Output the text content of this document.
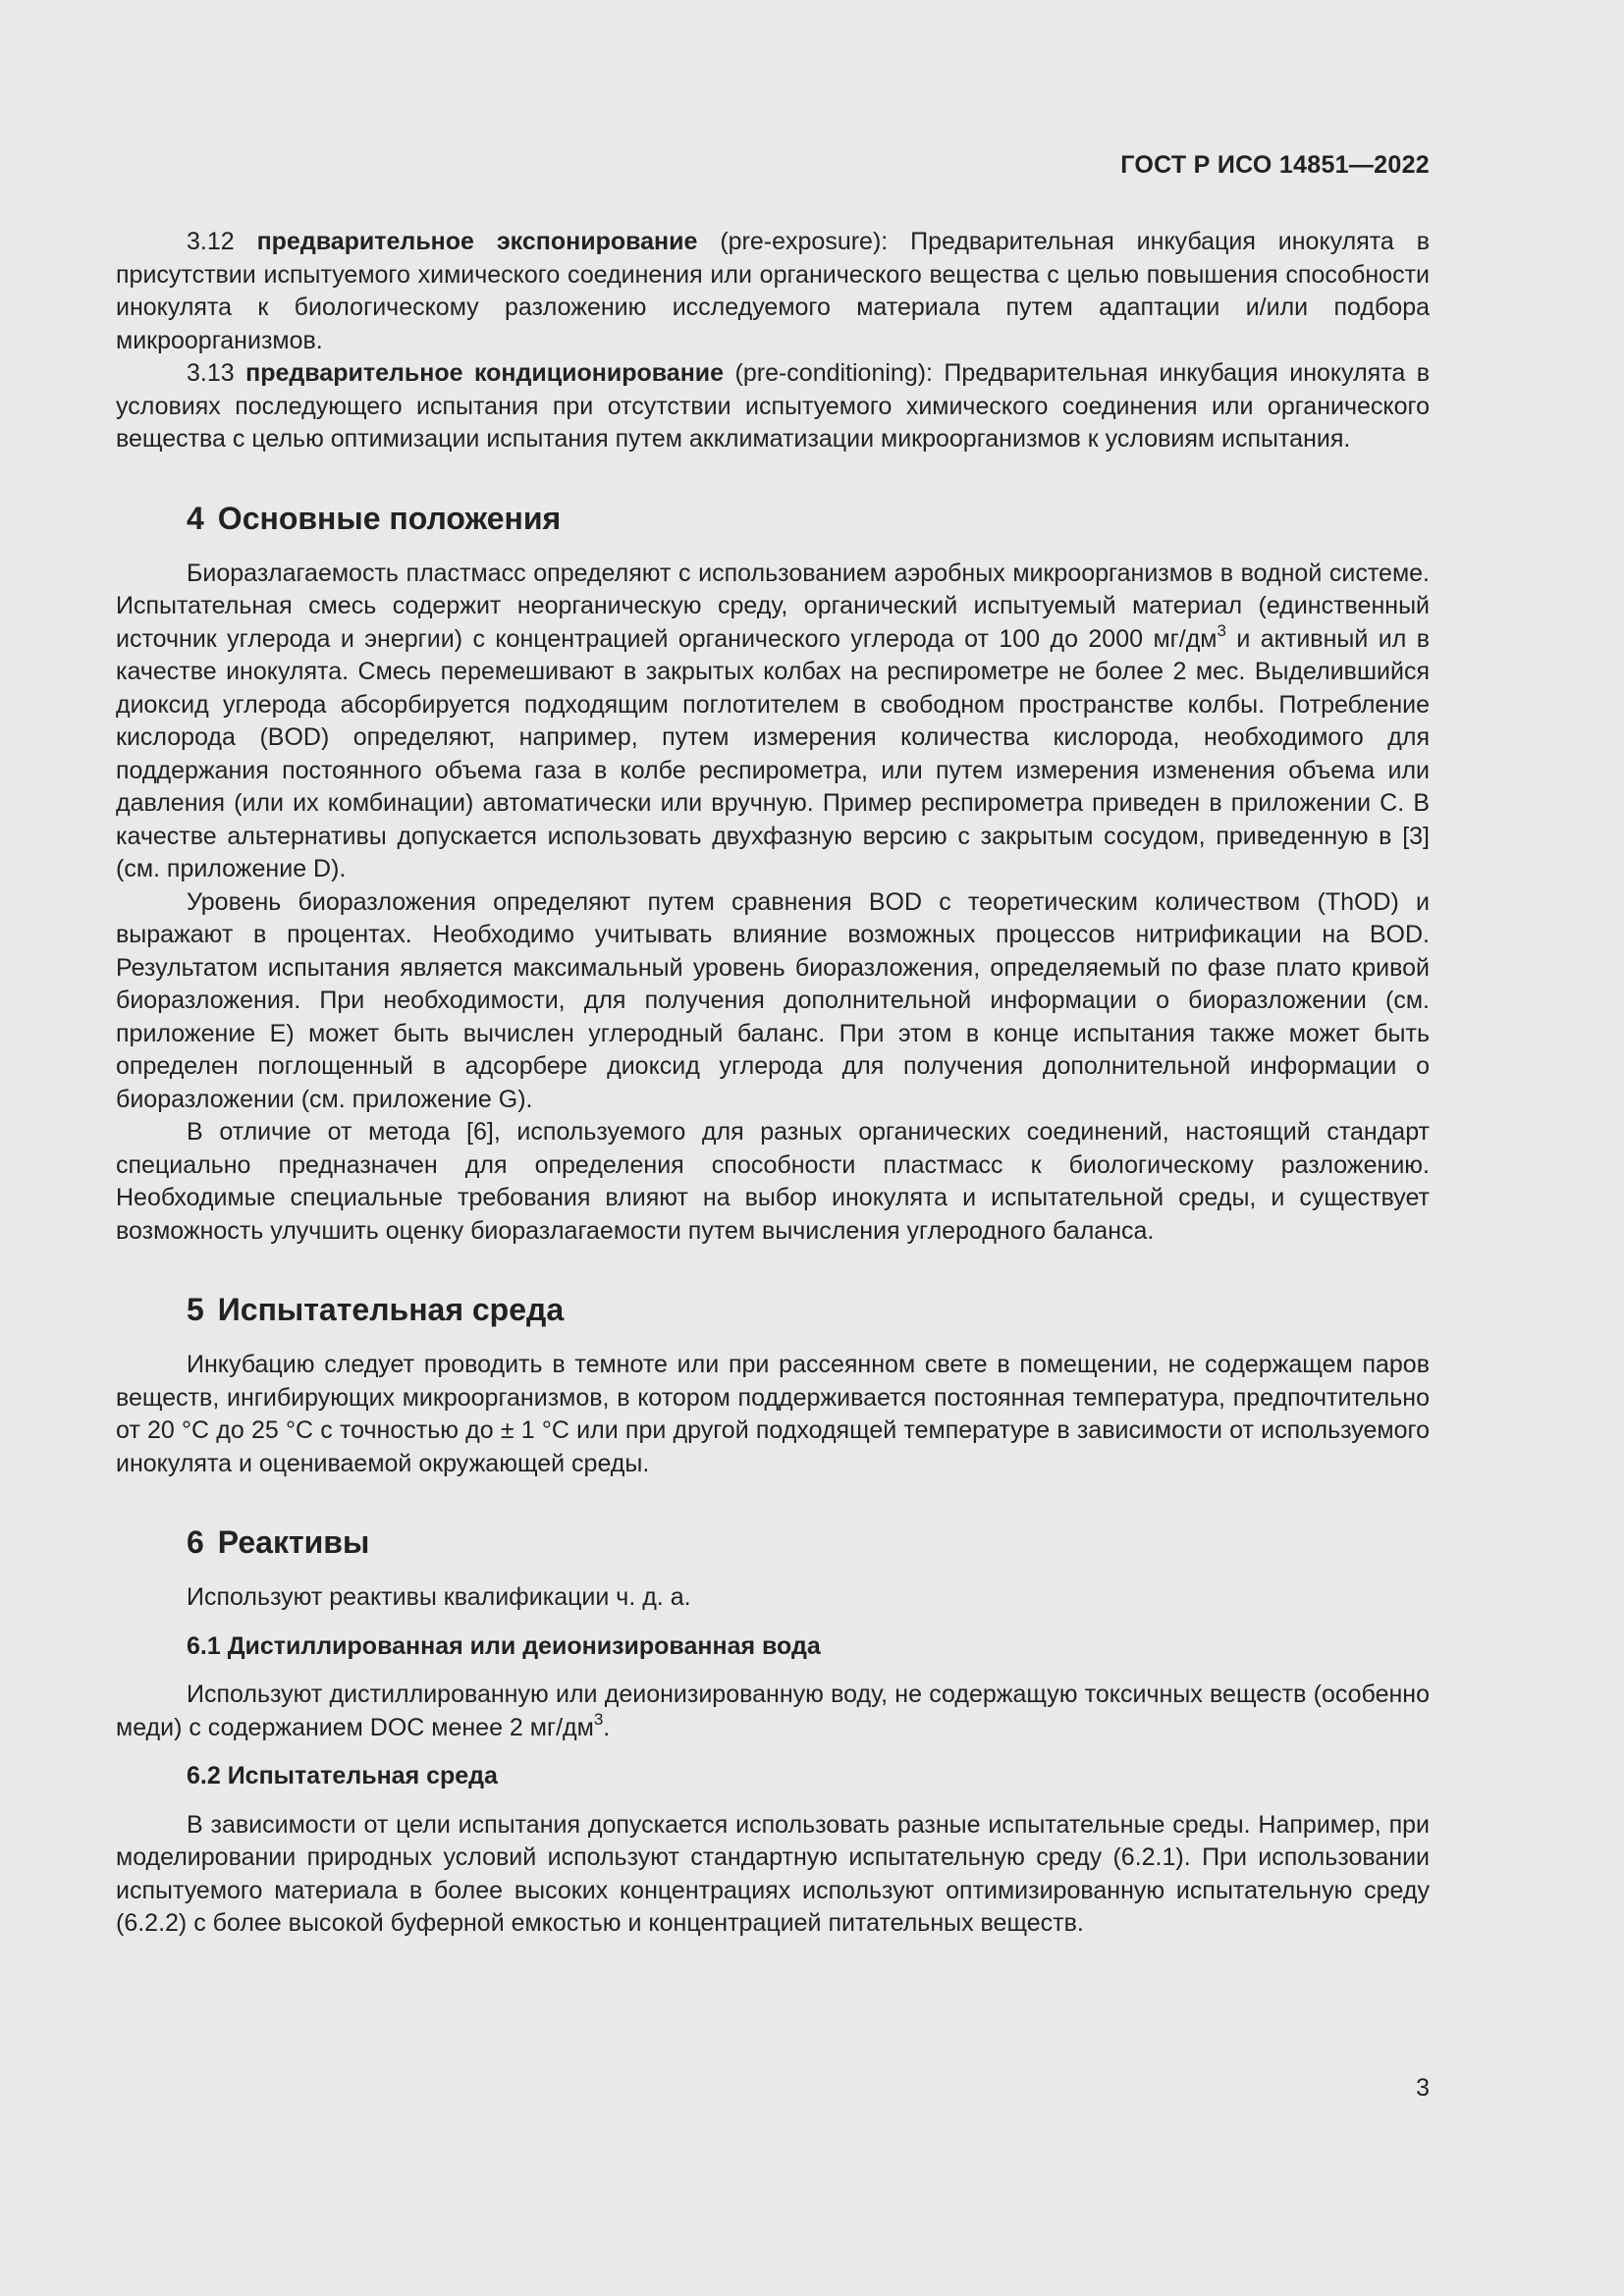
ГОСТ Р ИСО 14851—2022

3.12 предварительное экспонирование (pre-exposure): Предварительная инкубация инокулята в присутствии испытуемого химического соединения или органического вещества с целью повышения способности инокулята к биологическому разложению исследуемого материала путем адаптации и/или подбора микроорганизмов.

3.13 предварительное кондиционирование (pre-conditioning): Предварительная инкубация инокулята в условиях последующего испытания при отсутствии испытуемого химического соединения или органического вещества с целью оптимизации испытания путем акклиматизации микроорганизмов к условиям испытания.

4 Основные положения

Биоразлагаемость пластмасс определяют с использованием аэробных микроорганизмов в водной системе. Испытательная смесь содержит неорганическую среду, органический испытуемый материал (единственный источник углерода и энергии) с концентрацией органического углерода от 100 до 2000 $мг/дм^3$ и активный ил в качестве инокулята. Смесь перемешивают в закрытых колбах на респирометре не более 2 мес. Выделившийся диоксид углерода абсорбируется подходящим поглотителем в свободном пространстве колбы. Потребление кислорода (BOD) определяют, например, путем измерения количества кислорода, необходимого для поддержания постоянного объема газа в колбе респирометра, или путем измерения изменения объема или давления (или их комбинации) автоматически или вручную. Пример респирометра приведен в приложении С. В качестве альтернативы допускается использовать двухфазную версию с закрытым сосудом, приведенную в [3] (см. приложение D).

Уровень биоразложения определяют путем сравнения BOD с теоретическим количеством (ThOD) и выражают в процентах. Необходимо учитывать влияние возможных процессов нитрификации на BOD. Результатом испытания является максимальный уровень биоразложения, определяемый по фазе плато кривой биоразложения. При необходимости, для получения дополнительной информации о биоразложении (см. приложение Е) может быть вычислен углеродный баланс. При этом в конце испытания также может быть определен поглощенный в адсорбере диоксид углерода для получения дополнительной информации о биоразложении (см. приложение G).

В отличие от метода [6], используемого для разных органических соединений, настоящий стандарт специально предназначен для определения способности пластмасс к биологическому разложению. Необходимые специальные требования влияют на выбор инокулята и испытательной среды, и существует возможность улучшить оценку биоразлагаемости путем вычисления углеродного баланса.

5 Испытательная среда

Инкубацию следует проводить в темноте или при рассеянном свете в помещении, не содержащем паров веществ, ингибирующих микроорганизмов, в котором поддерживается постоянная температура, предпочтительно от 20 °С до 25 °С с точностью до ± 1 °С или при другой подходящей температуре в зависимости от используемого инокулята и оцениваемой окружающей среды.

6 Реактивы

Используют реактивы квалификации ч. д. а.

6.1 Дистиллированная или деионизированная вода

Используют дистиллированную или деионизированную воду, не содержащую токсичных веществ (особенно меди) с содержанием DOC менее 2 $мг/дм^3$.

6.2 Испытательная среда

В зависимости от цели испытания допускается использовать разные испытательные среды. Например, при моделировании природных условий используют стандартную испытательную среду (6.2.1). При использовании испытуемого материала в более высоких концентрациях используют оптимизированную испытательную среду (6.2.2) с более высокой буферной емкостью и концентрацией питательных веществ.

3
